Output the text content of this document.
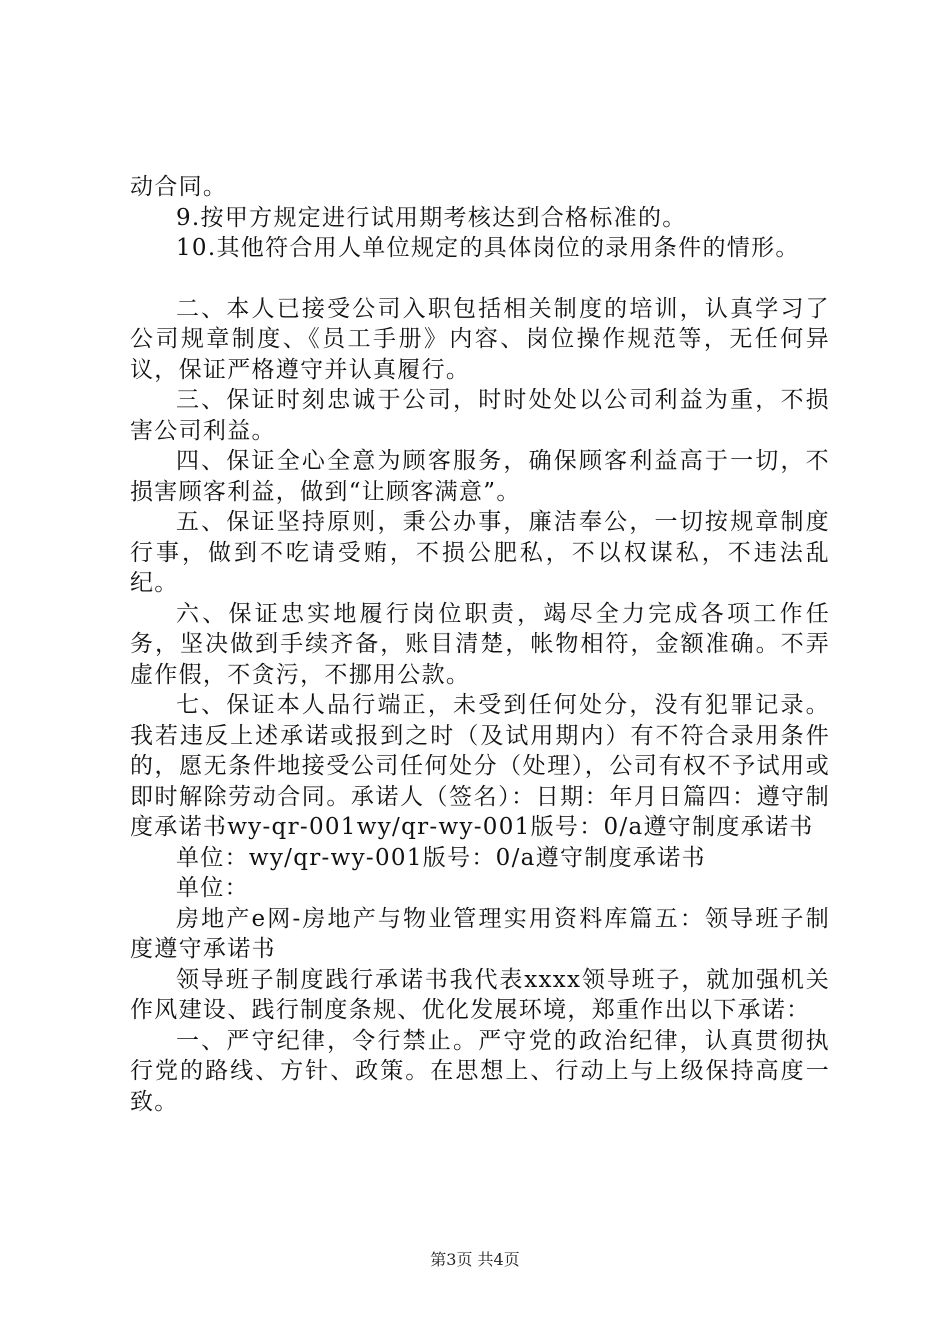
动合同。

9.按甲方规定进行试用期考核达到合格标准的。

10.其他符合用人单位规定的具体岗位的录用条件的情形。

二、本人已接受公司入职包括相关制度的培训，认真学习了公司规章制度、《员工手册》内容、岗位操作规范等，无任何异议，保证严格遵守并认真履行。

三、保证时刻忠诚于公司，时时处处以公司利益为重，不损害公司利益。

四、保证全心全意为顾客服务，确保顾客利益高于一切，不损害顾客利益，做到“让顾客满意”。

五、保证坚持原则，秉公办事，廉洁奉公，一切按规章制度行事，做到不吃请受贿，不损公肥私，不以权谋私，不违法乱纪。

六、保证忠实地履行岗位职责，竭尽全力完成各项工作任务，坚决做到手续齐备，账目清楚，帐物相符，金额准确。不弄虚作假，不贪污，不挪用公款。

七、保证本人品行端正，未受到任何处分，没有犯罪记录。我若违反上述承诺或报到之时（及试用期内）有不符合录用条件的，愿无条件地接受公司任何处分（处理），公司有权不予试用或即时解除劳动合同。承诺人（签名）：日期：年月日篇四：遵守制度承诺书wy-qr-001wy/qr-wy-001版号：0/a遵守制度承诺书

单位：wy/qr-wy-001版号：0/a遵守制度承诺书

单位：

房地产e网-房地产与物业管理实用资料库篇五：领导班子制度遵守承诺书

领导班子制度践行承诺书我代表xxxx领导班子，就加强机关作风建设、践行制度条规、优化发展环境，郑重作出以下承诺：

一、严守纪律，令行禁止。严守党的政治纪律，认真贯彻执行党的路线、方针、政策。在思想上、行动上与上级保持高度一致。

第3页 共4页
